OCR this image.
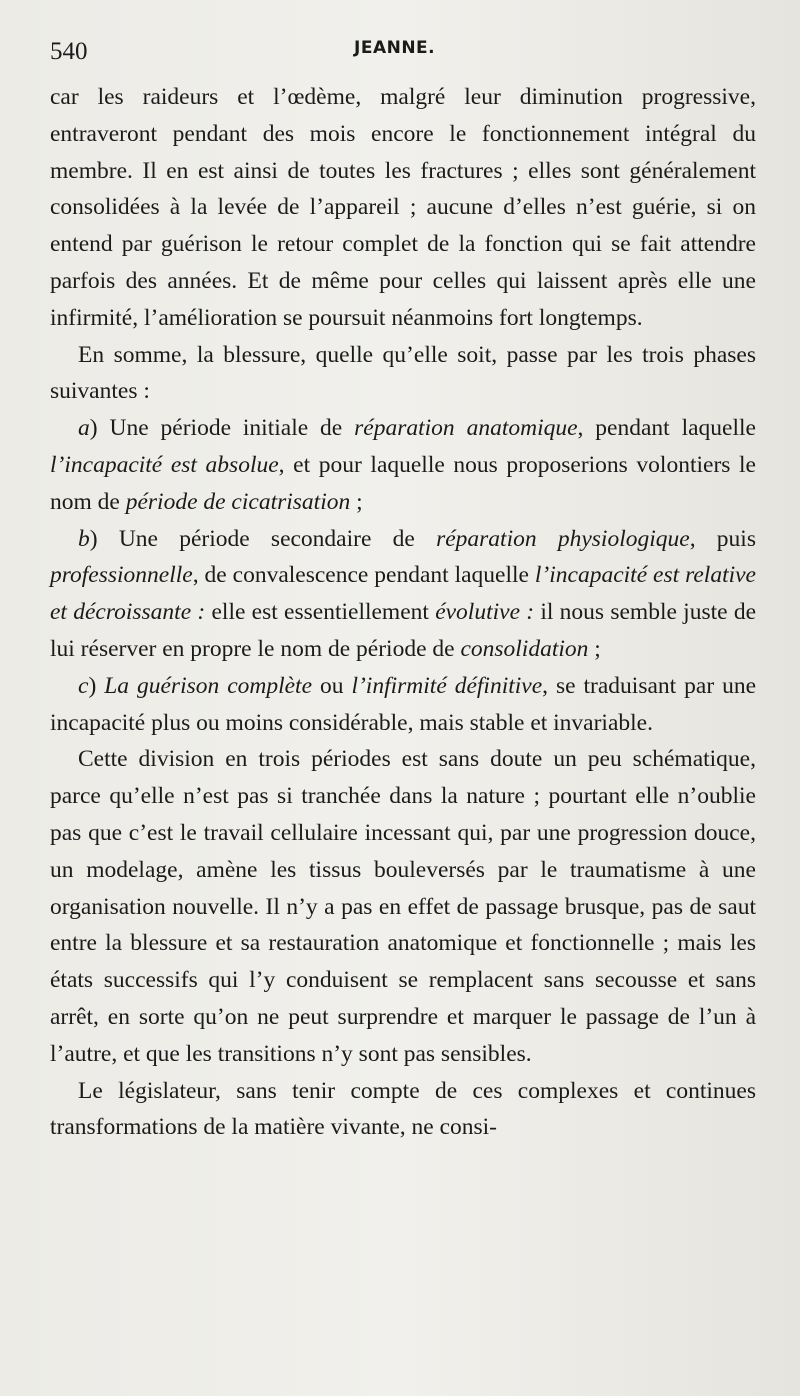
540	JEANNE.

car les raideurs et l’œdème, malgré leur diminution progressive, entraveront pendant des mois encore le fonctionnement intégral du membre. Il en est ainsi de toutes les fractures ; elles sont généralement consolidées à la levée de l’appareil ; aucune d’elles n’est guérie, si on entend par guérison le retour complet de la fonction qui se fait attendre parfois des années. Et de même pour celles qui laissent après elle une infirmité, l’amélioration se poursuit néanmoins fort longtemps.

En somme, la blessure, quelle qu’elle soit, passe par les trois phases suivantes :

a) Une période initiale de réparation anatomique, pendant laquelle l’incapacité est absolue, et pour laquelle nous proposerions volontiers le nom de période de cicatrisation ;

b) Une période secondaire de réparation physiologique, puis professionnelle, de convalescence pendant laquelle l’incapacité est relative et décroissante : elle est essentiellement évolutive : il nous semble juste de lui réserver en propre le nom de période de consolidation ;

c) La guérison complète ou l’infirmité définitive, se traduisant par une incapacité plus ou moins considérable, mais stable et invariable.

Cette division en trois périodes est sans doute un peu schématique, parce qu’elle n’est pas si tranchée dans la nature ; pourtant elle n’oublie pas que c’est le travail cellulaire incessant qui, par une progression douce, un modelage, amène les tissus bouleversés par le traumatisme à une organisation nouvelle. Il n’y a pas en effet de passage brusque, pas de saut entre la blessure et sa restauration anatomique et fonctionnelle ; mais les états successifs qui l’y conduisent se remplacent sans secousse et sans arrêt, en sorte qu’on ne peut surprendre et marquer le passage de l’un à l’autre, et que les transitions n’y sont pas sensibles.

Le législateur, sans tenir compte de ces complexes et continues transformations de la matière vivante, ne consi-
